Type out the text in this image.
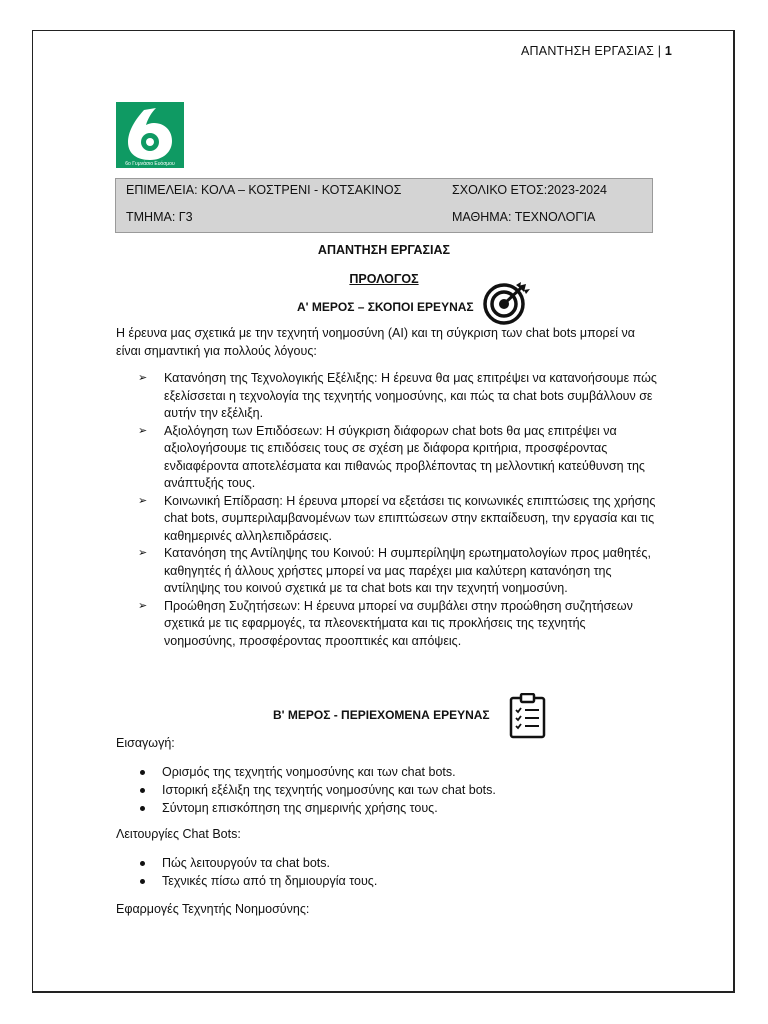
ΑΠΑΝΤΗΣΗ ΕΡΓΑΣΙΑΣ | 1
6ο Γυμνάσιο Ευόσμου
ΕΠΙΜΕΛΕΙΑ: ΚΟΛΑ – ΚΟΣΤΡΕΝΙ - ΚΟΤΣΑΚΙΝΟΣ	ΣΧΟΛΙΚΟ ΕΤΟΣ:2023-2024
ΤΜΗΜΑ: Γ3	ΜΑΘΗΜΑ: ΤΕΧΝΟΛΟΓΊΑ
ΑΠΑΝΤΗΣΗ ΕΡΓΑΣΙΑΣ
ΠΡΟΛΟΓΟΣ
Α' ΜΕΡΟΣ – ΣΚΟΠΟΙ ΕΡΕΥΝΑΣ
Η έρευνα μας σχετικά με την τεχνητή νοημοσύνη (AI) και τη σύγκριση των chat bots μπορεί να είναι σημαντική για πολλούς λόγους:
➢ Κατανόηση της Τεχνολογικής Εξέλιξης: Η έρευνα θα μας επιτρέψει να κατανοήσουμε πώς εξελίσσεται η τεχνολογία της τεχνητής νοημοσύνης, και πώς τα chat bots συμβάλλουν σε αυτήν την εξέλιξη.
➢ Αξιολόγηση των Επιδόσεων: Η σύγκριση διάφορων chat bots θα μας επιτρέψει να αξιολογήσουμε τις επιδόσεις τους σε σχέση με διάφορα κριτήρια, προσφέροντας ενδιαφέροντα αποτελέσματα και πιθανώς προβλέποντας τη μελλοντική κατεύθυνση της ανάπτυξής τους.
➢ Κοινωνική Επίδραση: Η έρευνα μπορεί να εξετάσει τις κοινωνικές επιπτώσεις της χρήσης chat bots, συμπεριλαμβανομένων των επιπτώσεων στην εκπαίδευση, την εργασία και τις καθημερινές αλληλεπιδράσεις.
➢ Κατανόηση της Αντίληψης του Κοινού: Η συμπερίληψη ερωτηματολογίων προς μαθητές, καθηγητές ή άλλους χρήστες μπορεί να μας παρέχει μια καλύτερη κατανόηση της αντίληψης του κοινού σχετικά με τα chat bots και την τεχνητή νοημοσύνη.
➢ Προώθηση Συζητήσεων: Η έρευνα μπορεί να συμβάλει στην προώθηση συζητήσεων σχετικά με τις εφαρμογές, τα πλεονεκτήματα και τις προκλήσεις της τεχνητής νοημοσύνης, προσφέροντας προοπτικές και απόψεις.
Β' ΜΕΡΟΣ - ΠΕΡΙΕΧΟΜΕΝΑ ΕΡΕΥΝΑΣ
Εισαγωγή:
Ορισμός της τεχνητής νοημοσύνης και των chat bots.
Ιστορική εξέλιξη της τεχνητής νοημοσύνης και των chat bots.
Σύντομη επισκόπηση της σημερινής χρήσης τους.
Λειτουργίες Chat Bots:
Πώς λειτουργούν τα chat bots.
Τεχνικές πίσω από τη δημιουργία τους.
Εφαρμογές Τεχνητής Νοημοσύνης:
